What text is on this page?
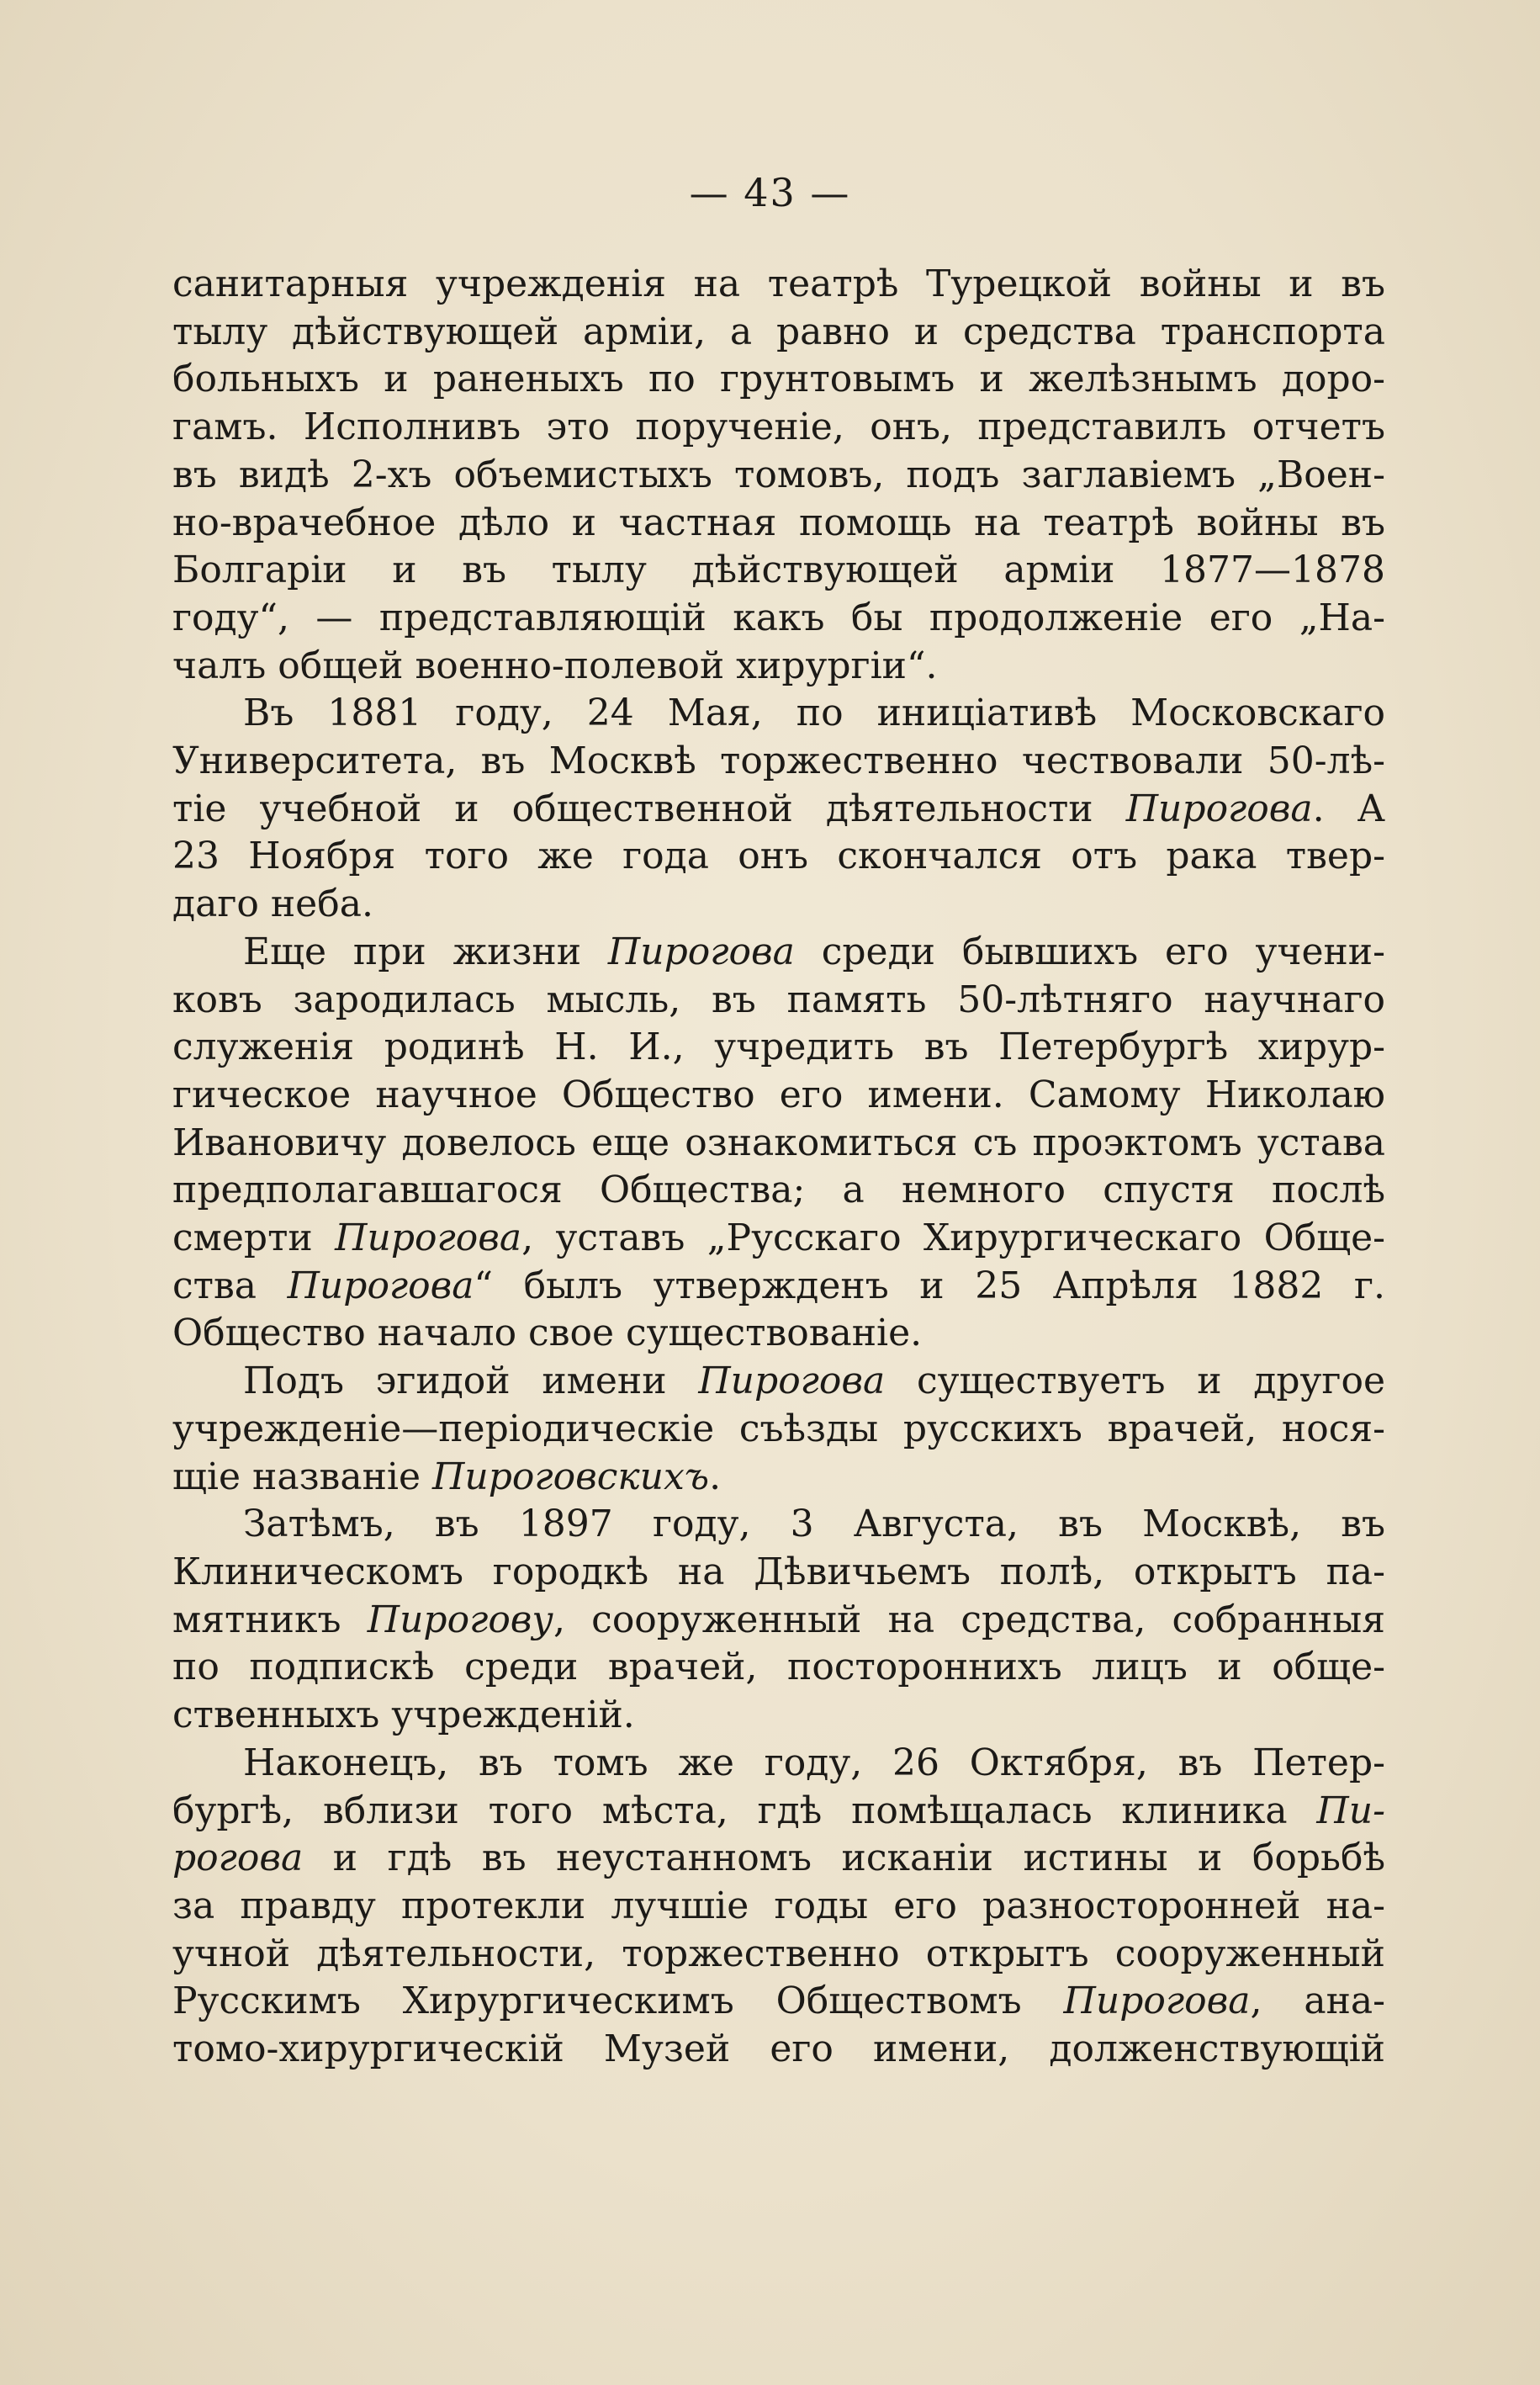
— 43 —
санитарныя учрежденія на театрѣ Турецкой войны и въ
тылу дѣйствующей арміи, а равно и средства транспорта
больныхъ и раненыхъ по грунтовымъ и желѣзнымъ доро-
гамъ. Исполнивъ это порученіе, онъ, представилъ отчетъ
въ видѣ 2-хъ объемистыхъ томовъ, подъ заглавіемъ „Воен-
но-врачебное дѣло и частная помощь на театрѣ войны въ
Болгаріи и въ тылу дѣйствующей арміи 1877—1878
году“, — представляющій какъ бы продолженіе его „На-
чалъ общей военно-полевой хирургіи“.
Въ 1881 году, 24 Мая, по иниціативѣ Московскаго
Университета, въ Москвѣ торжественно чествовали 50-лѣ-
тіе учебной и общественной дѣятельности Пирогова. А
23 Ноября того же года онъ скончался отъ рака твер-
даго неба.
Еще при жизни Пирогова среди бывшихъ его учени-
ковъ зародилась мысль, въ память 50-лѣтняго научнаго
служенія родинѣ Н. И., учредить въ Петербургѣ хирур-
гическое научное Общество его имени. Самому Николаю
Ивановичу довелось еще ознакомиться съ проэктомъ устава
предполагавшагося Общества; а немного спустя послѣ
смерти Пирогова, уставъ „Русскаго Хирургическаго Обще-
ства Пирогова“ былъ утвержденъ и 25 Апрѣля 1882 г.
Общество начало свое существованіе.
Подъ эгидой имени Пирогова существуетъ и другое
учрежденіе—періодическіе съѣзды русскихъ врачей, нося-
щіе названіе Пироговскихъ.
Затѣмъ, въ 1897 году, 3 Августа, въ Москвѣ, въ
Клиническомъ городкѣ на Дѣвичьемъ полѣ, открытъ па-
мятникъ Пирогову, сооруженный на средства, собранныя
по подпискѣ среди врачей, постороннихъ лицъ и обще-
ственныхъ учрежденій.
Наконецъ, въ томъ же году, 26 Октября, въ Петер-
бургѣ, вблизи того мѣста, гдѣ помѣщалась клиника Пи-
рогова и гдѣ въ неустанномъ исканіи истины и борьбѣ
за правду протекли лучшіе годы его разносторонней на-
учной дѣятельности, торжественно открытъ сооруженный
Русскимъ Хирургическимъ Обществомъ Пирогова, ана-
томо-хирургическій Музей его имени, долженствующій
